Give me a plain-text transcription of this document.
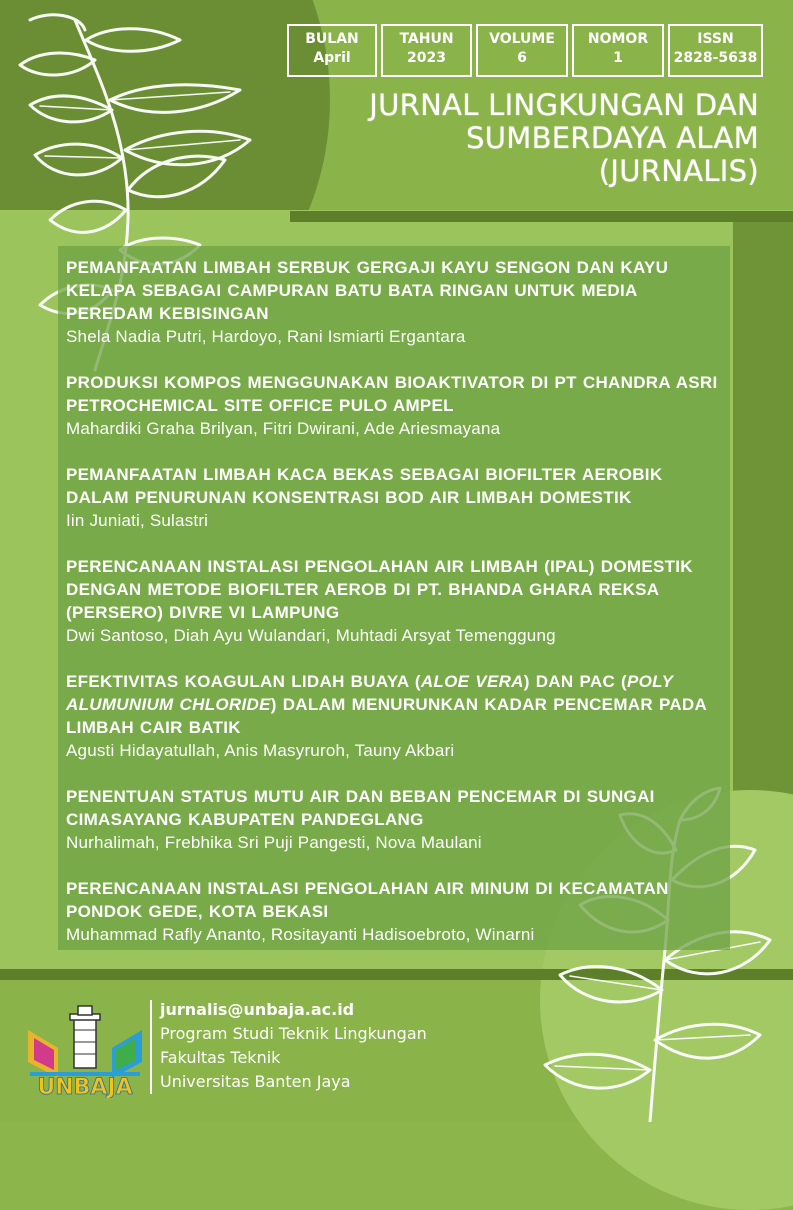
BULAN
April
TAHUN
2023
VOLUME
6
NOMOR
1
ISSN
2828-5638
JURNAL LINGKUNGAN DAN
SUMBERDAYA ALAM
(JURNALIS)
PEMANFAATAN LIMBAH SERBUK GERGAJI KAYU SENGON DAN KAYU KELAPA SEBAGAI CAMPURAN BATU BATA RINGAN UNTUK MEDIA PEREDAM KEBISINGAN
Shela Nadia Putri, Hardoyo, Rani Ismiarti Ergantara
PRODUKSI KOMPOS MENGGUNAKAN BIOAKTIVATOR DI PT CHANDRA ASRI PETROCHEMICAL SITE OFFICE PULO AMPEL
Mahardiki Graha Brilyan, Fitri Dwirani, Ade Ariesmayana
PEMANFAATAN LIMBAH KACA BEKAS SEBAGAI BIOFILTER AEROBIK DALAM PENURUNAN KONSENTRASI BOD AIR LIMBAH DOMESTIK
Iin Juniati, Sulastri
PERENCANAAN INSTALASI PENGOLAHAN AIR LIMBAH (IPAL) DOMESTIK DENGAN METODE BIOFILTER AEROB DI PT. BHANDA GHARA REKSA (PERSERO) DIVRE VI LAMPUNG
Dwi Santoso, Diah Ayu Wulandari, Muhtadi Arsyat Temenggung
EFEKTIVITAS KOAGULAN LIDAH BUAYA (ALOE VERA) DAN PAC (POLY ALUMUNIUM CHLORIDE) DALAM MENURUNKAN KADAR PENCEMAR PADA LIMBAH CAIR BATIK
Agusti Hidayatullah, Anis Masyruroh, Tauny Akbari
PENENTUAN STATUS MUTU AIR DAN BEBAN PENCEMAR DI SUNGAI CIMASAYANG KABUPATEN PANDEGLANG
Nurhalimah, Frebhika Sri Puji Pangesti, Nova Maulani
PERENCANAAN INSTALASI PENGOLAHAN AIR MINUM DI KECAMATAN PONDOK GEDE, KOTA BEKASI
Muhammad Rafly Ananto, Rositayanti Hadisoebroto, Winarni
UNBAJA
jurnalis@unbaja.ac.id
Program Studi Teknik Lingkungan
Fakultas Teknik
Universitas Banten Jaya
